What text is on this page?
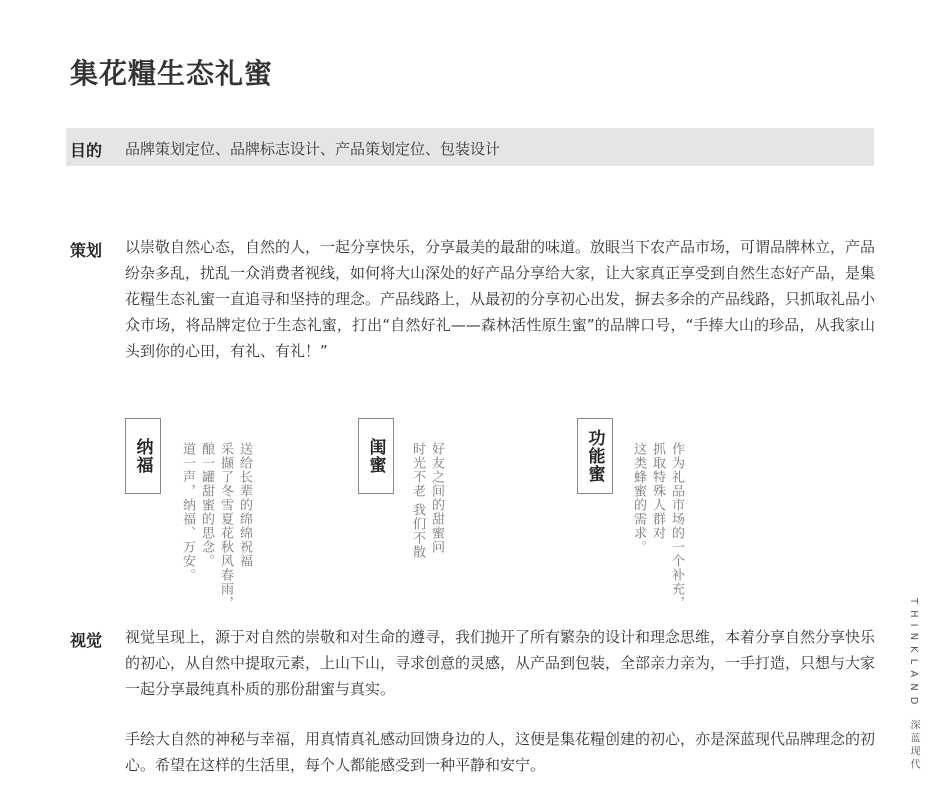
集花糧生态礼蜜
目的 品牌策划定位、品牌标志设计、产品策划定位、包装设计
策划 以崇敬自然心态，自然的人，一起分享快乐，分享最美的最甜的味道。放眼当下农产品市场，可谓品牌林立，产品纷杂多乱，扰乱一众消费者视线，如何将大山深处的好产品分享给大家，让大家真正享受到自然生态好产品，是集花糧生态礼蜜一直追寻和坚持的理念。产品线路上，从最初的分享初心出发，摒去多余的产品线路，只抓取礼品小众市场，将品牌定位于生态礼蜜，打出“自然好礼——森林活性原生蜜”的品牌口号，“手捧大山的珍品，从我家山头到你的心田，有礼、有礼！”

纳福	送给长辈的绵绵祝福
采撷了冬雪夏花秋风春雨，
酿一罐甜蜜的思念。
道一声，纳福、万安。	闺蜜	好友之间的甜蜜问
时光不老 我们不散	功能蜜	作为礼品市场的一个补充，
抓取特殊人群对
这类蜂蜜的需求。
视觉 视觉呈现上，源于对自然的崇敬和对生命的遵寻，我们抛开了所有繁杂的设计和理念思维，本着分享自然分享快乐的初心，从自然中提取元素，上山下山，寻求创意的灵感，从产品到包装，全部亲力亲为，一手打造，只想与大家一起分享最纯真朴质的那份甜蜜与真实。

手绘大自然的神秘与幸福，用真情真礼感动回馈身边的人，这便是集花糧创建的初心，亦是深蓝现代品牌理念的初心。希望在这样的生活里，每个人都能感受到一种平静和安宁。

THINKLAND 深蓝现代
